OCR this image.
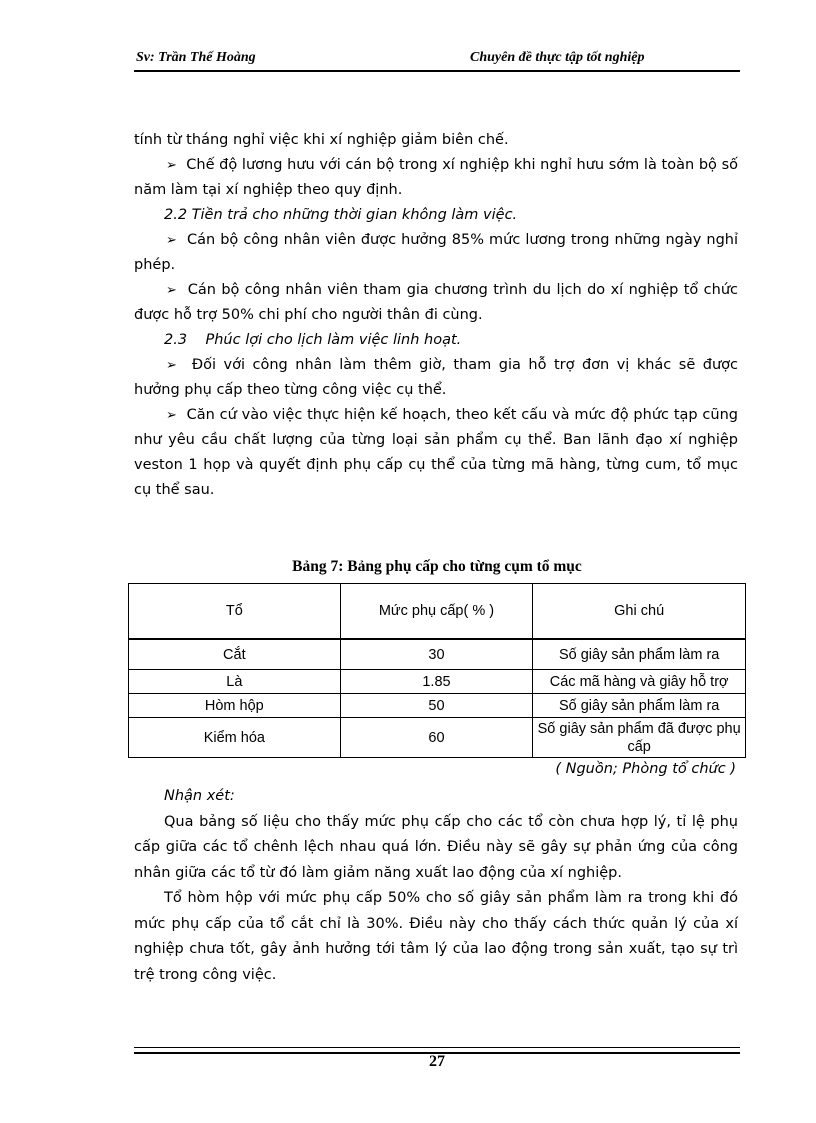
Sv: Trần Thế Hoàng	Chuyên đề thực tập tốt nghiệp

tính từ tháng nghỉ việc khi xí nghiệp giảm biên chế.

➢ Chế độ lương hưu với cán bộ trong xí nghiệp khi nghỉ hưu sớm là toàn bộ số năm làm tại xí nghiệp theo quy định.

2.2 Tiền trả cho những thời gian không làm việc.

➢ Cán bộ công nhân viên được hưởng 85% mức lương trong những ngày nghỉ phép.

➢ Cán bộ công nhân viên tham gia chương trình du lịch do xí nghiệp tổ chức được hỗ trợ 50% chi phí cho người thân đi cùng.

2.3 Phúc lợi cho lịch làm việc linh hoạt.

➢ Đối với công nhân làm thêm giờ, tham gia hỗ trợ đơn vị khác sẽ được hưởng phụ cấp theo từng công việc cụ thể.

➢ Căn cứ vào việc thực hiện kế hoạch, theo kết cấu và mức độ phức tạp cũng như yêu cầu chất lượng của từng loại sản phẩm cụ thể. Ban lãnh đạo xí nghiệp veston 1 họp và quyết định phụ cấp cụ thể của từng mã hàng, từng cum, tổ mục cụ thể sau.

Bảng 7: Bảng phụ cấp cho từng cụm tổ mục
Tổ	Mức phụ cấp( % )	Ghi chú

Cắt	30	Số giây sản phẩm làm ra
Là	1.85	Các mã hàng và giây hỗ trợ
Hòm hộp	50	Số giây sản phẩm làm ra
Kiểm hóa	60	Số giây sản phẩm đã được phụ cấp
( Nguồn; Phòng tổ chức )

Nhận xét:

Qua bảng số liệu cho thấy mức phụ cấp cho các tổ còn chưa hợp lý, tỉ lệ phụ cấp giữa các tổ chênh lệch nhau quá lớn. Điều này sẽ gây sự phản ứng của công nhân giữa các tổ từ đó làm giảm năng xuất lao động của xí nghiệp.

Tổ hòm hộp với mức phụ cấp 50% cho số giây sản phẩm làm ra trong khi đó mức phụ cấp của tổ cắt chỉ là 30%. Điều này cho thấy cách thức quản lý của xí nghiệp chưa tốt, gây ảnh hưởng tới tâm lý của lao động trong sản xuất, tạo sự trì trệ trong công việc.

27
